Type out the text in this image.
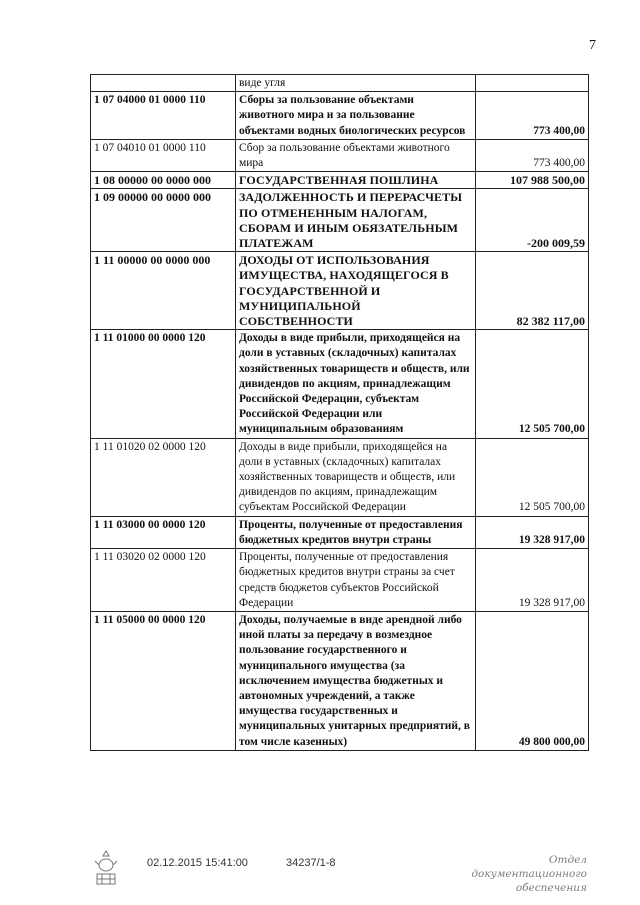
7
	виде угля	
1 07 04000 01 0000 110	Сборы за пользование объектами животного мира и за пользование объектами водных биологических ресурсов	773 400,00
1 07 04010 01 0000 110	Сбор за пользование объектами животного мира	773 400,00
1 08 00000 00 0000 000	ГОСУДАРСТВЕННАЯ ПОШЛИНА	107 988 500,00
1 09 00000 00 0000 000	ЗАДОЛЖЕННОСТЬ И ПЕРЕРАСЧЕТЫ ПО ОТМЕНЕННЫМ НАЛОГАМ, СБОРАМ И ИНЫМ ОБЯЗАТЕЛЬНЫМ ПЛАТЕЖАМ	-200 009,59
1 11 00000 00 0000 000	ДОХОДЫ ОТ ИСПОЛЬЗОВАНИЯ ИМУЩЕСТВА, НАХОДЯЩЕГОСЯ В ГОСУДАРСТВЕННОЙ И МУНИЦИПАЛЬНОЙ СОБСТВЕННОСТИ	82 382 117,00
1 11 01000 00 0000 120	Доходы в виде прибыли, приходящейся на доли в уставных (складочных) капиталах хозяйственных товариществ и обществ, или дивидендов по акциям, принадлежащим Российской Федерации, субъектам Российской Федерации или муниципальным образованиям	12 505 700,00
1 11 01020 02 0000 120	Доходы в виде прибыли, приходящейся на доли в уставных (складочных) капиталах хозяйственных товариществ и обществ, или дивидендов по акциям, принадлежащим субъектам Российской Федерации	12 505 700,00
1 11 03000 00 0000 120	Проценты, полученные от предоставления бюджетных кредитов внутри страны	19 328 917,00
1 11 03020 02 0000 120	Проценты, полученные от предоставления бюджетных кредитов внутри страны за счет средств бюджетов субъектов Российской Федерации	19 328 917,00
1 11 05000 00 0000 120	Доходы, получаемые в виде арендной либо иной платы за передачу в возмездное пользование государственного и муниципального имущества (за исключением имущества бюджетных и автономных учреждений, а также имущества государственных и муниципальных унитарных предприятий, в том числе казенных)	49 800 000,00
02.12.2015 15:41:00	34237/1-8	Отдел документационного
обеспечения
